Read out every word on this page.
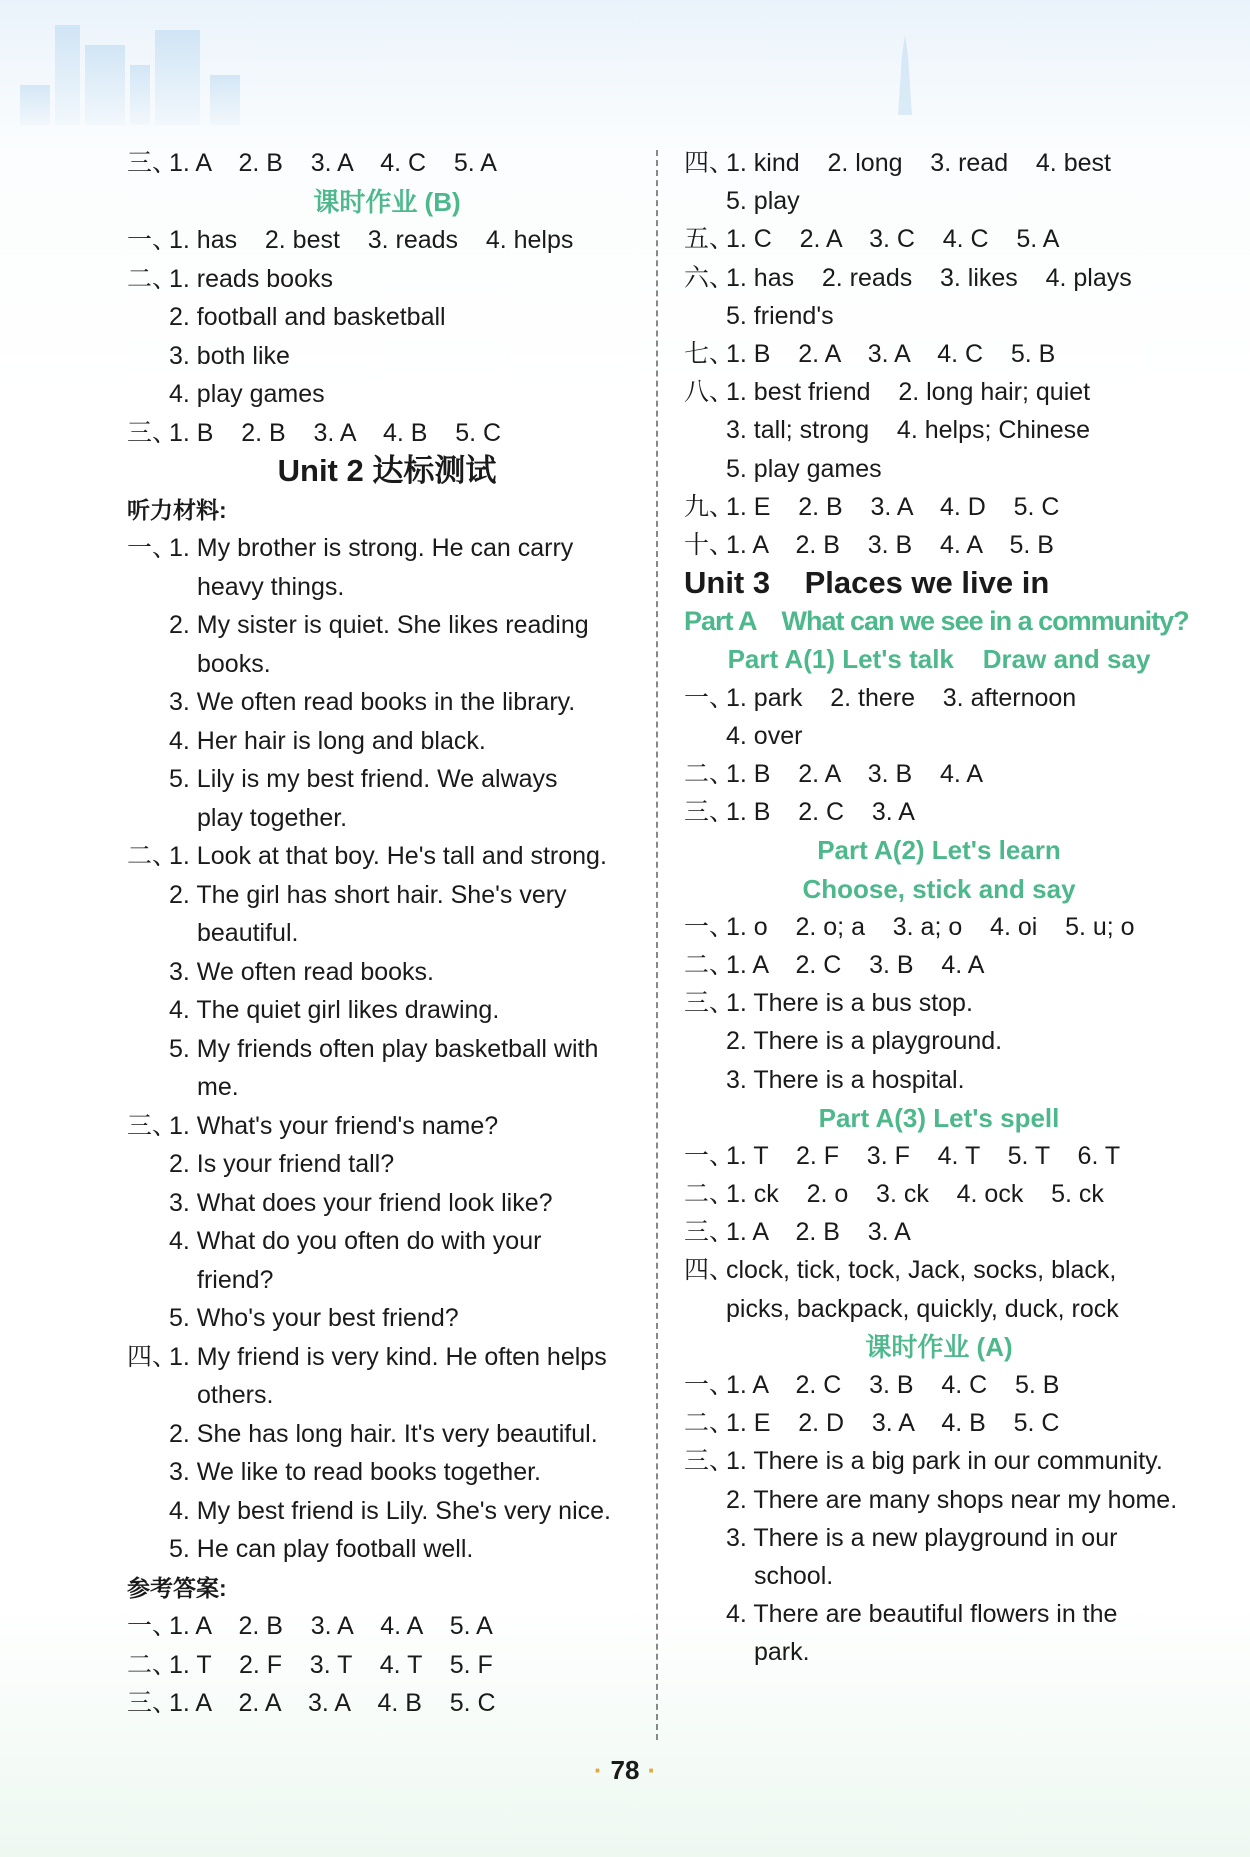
三、1. A    2. B    3. A    4. C    5. A
课时作业 (B)
一、1. has    2. best    3. reads    4. helps
二、1. reads books
2. football and basketball
3. both like
4. play games
三、1. B    2. B    3. A    4. B    5. C
Unit 2 达标测试
听力材料:
一、1. My brother is strong. He can carry
heavy things.
2. My sister is quiet. She likes reading
books.
3. We often read books in the library.
4. Her hair is long and black.
5. Lily is my best friend. We always
play together.
二、1. Look at that boy. He's tall and strong.
2. The girl has short hair. She's very
beautiful.
3. We often read books.
4. The quiet girl likes drawing.
5. My friends often play basketball with
me.
三、1. What's your friend's name?
2. Is your friend tall?
3. What does your friend look like?
4. What do you often do with your
friend?
5. Who's your best friend?
四、1. My friend is very kind. He often helps
others.
2. She has long hair. It's very beautiful.
3. We like to read books together.
4. My best friend is Lily. She's very nice.
5. He can play football well.
参考答案:
一、1. A    2. B    3. A    4. A    5. A
二、1. T    2. F    3. T    4. T    5. F
三、1. A    2. A    3. A    4. B    5. C
四、1. kind    2. long    3. read    4. best
5. play
五、1. C    2. A    3. C    4. C    5. A
六、1. has    2. reads    3. likes    4. plays
5. friend's
七、1. B    2. A    3. A    4. C    5. B
八、1. best friend    2. long hair; quiet
3. tall; strong    4. helps; Chinese
5. play games
九、1. E    2. B    3. A    4. D    5. C
十、1. A    2. B    3. B    4. A    5. B
Unit 3    Places we live in
Part A    What can we see in a community?
Part A(1) Let's talk    Draw and say
一、1. park    2. there    3. afternoon
4. over
二、1. B    2. A    3. B    4. A
三、1. B    2. C    3. A
Part A(2) Let's learn
Choose, stick and say
一、1. o    2. o; a    3. a; o    4. oi    5. u; o
二、1. A    2. C    3. B    4. A
三、1. There is a bus stop.
2. There is a playground.
3. There is a hospital.
Part A(3) Let's spell
一、1. T    2. F    3. F    4. T    5. T    6. T
二、1. ck    2. o    3. ck    4. ock    5. ck
三、1. A    2. B    3. A
四、clock, tick, tock, Jack, socks, black,
picks, backpack, quickly, duck, rock
课时作业 (A)
一、1. A    2. C    3. B    4. C    5. B
二、1. E    2. D    3. A    4. B    5. C
三、1. There is a big park in our community.
2. There are many shops near my home.
3. There is a new playground in our
school.
4. There are beautiful flowers in the
park.
· 78 ·
